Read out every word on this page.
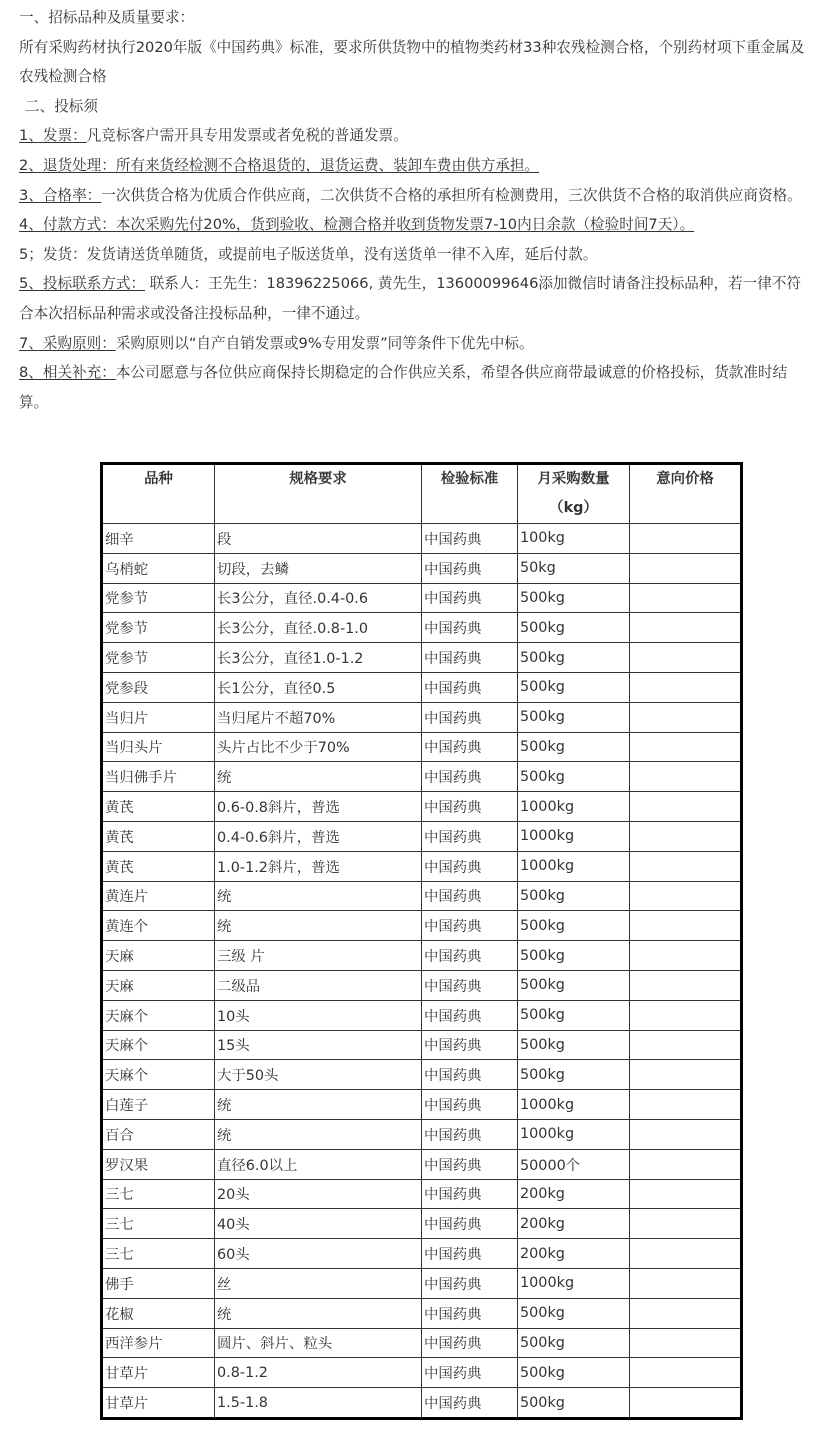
一、招标品种及质量要求：
所有采购药材执行2020年版《中国药典》标准，要求所供货物中的植物类药材33种农残检测合格，个别药材项下重金属及农残检测合格
二、投标须
1、发票：凡竞标客户需开具专用发票或者免税的普通发票。
2、退货处理：所有来货经检测不合格退货的，退货运费、装卸车费由供方承担。
3、合格率：一次供货合格为优质合作供应商，二次供货不合格的承担所有检测费用，三次供货不合格的取消供应商资格。
4、付款方式：本次采购先付20%，货到验收、检测合格并收到货物发票7-10内日余款（检验时间7天）。
5；发货：发货请送货单随货，或提前电子版送货单，没有送货单一律不入库，延后付款。
5、投标联系方式： 联系人：王先生：18396225066, 黄先生，13600099646添加微信时请备注投标品种，若一律不符合本次招标品种需求或没备注投标品种，一律不通过。
7、采购原则：采购原则以“自产自销发票或9%专用发票”同等条件下优先中标。
8、相关补充：本公司愿意与各位供应商保持长期稳定的合作供应关系，希望各供应商带最诚意的价格投标，货款准时结算。
品种	规格要求	检验标准	月采购数量（kg）	意向价格
细辛	段	中国药典	100kg	
乌梢蛇	切段，去鳞	中国药典	50kg	
党参节	长3公分，直径.0.4-0.6	中国药典	500kg	
党参节	长3公分，直径.0.8-1.0	中国药典	500kg	
党参节	长3公分，直径1.0-1.2	中国药典	500kg	
党参段	长1公分，直径0.5	中国药典	500kg	
当归片	当归尾片不超70%	中国药典	500kg	
当归头片	头片占比不少于70%	中国药典	500kg	
当归佛手片	统	中国药典	500kg	
黄芪	0.6-0.8斜片，普选	中国药典	1000kg	
黄芪	0.4-0.6斜片，普选	中国药典	1000kg	
黄芪	1.0-1.2斜片，普选	中国药典	1000kg	
黄连片	统	中国药典	500kg	
黄连个	统	中国药典	500kg	
天麻	三级 片	中国药典	500kg	
天麻	二级品	中国药典	500kg	
天麻个	10头	中国药典	500kg	
天麻个	15头	中国药典	500kg	
天麻个	大于50头	中国药典	500kg	
白莲子	统	中国药典	1000kg	
百合	统	中国药典	1000kg	
罗汉果	直径6.0以上	中国药典	50000个	
三七	20头	中国药典	200kg	
三七	40头	中国药典	200kg	
三七	60头	中国药典	200kg	
佛手	丝	中国药典	1000kg	
花椒	统	中国药典	500kg	
西洋参片	圆片、斜片、粒头	中国药典	500kg	
甘草片	0.8-1.2	中国药典	500kg	
甘草片	1.5-1.8	中国药典	500kg	
